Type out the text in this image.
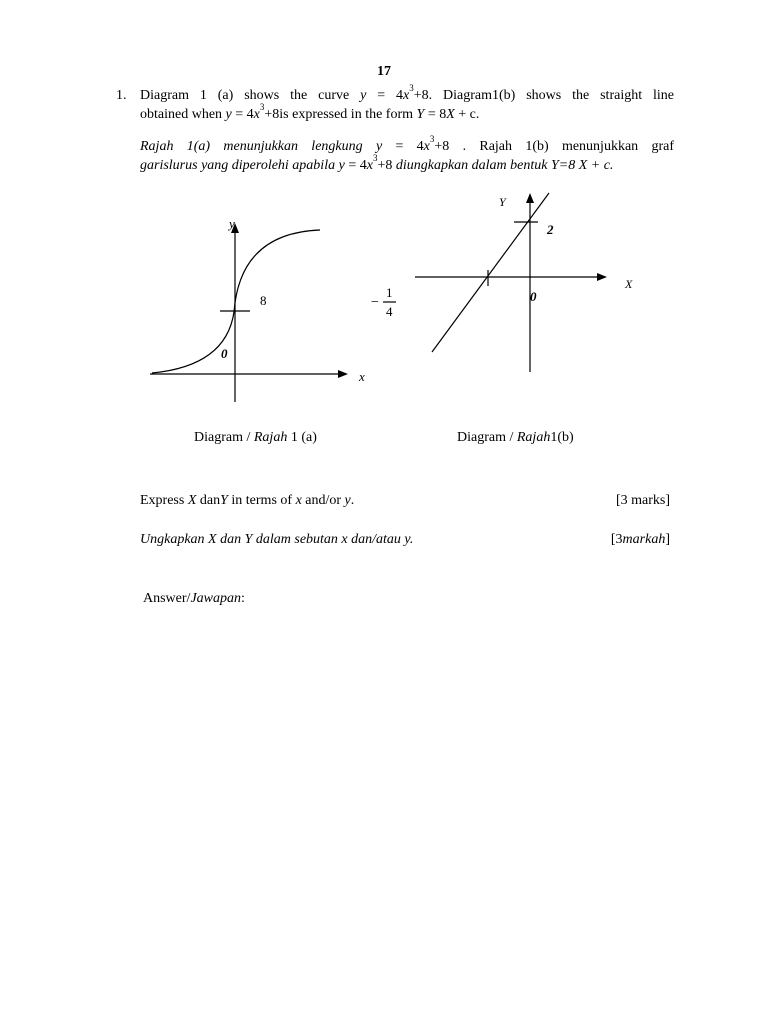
17
1. Diagram 1 (a) shows the curve $y = 4x^3+8$. Diagram1(b) shows the straight line
obtained when $y = 4x^3+8is$ expressed in the form Y = 8X + c.
Rajah 1(a) menunjukkan lengkung $y = 4x^3+8$ . Rajah 1(b) menunjukkan graf
garislurus yang diperolehi apabila $y = 4x^3+8$ diungkapkan dalam bentuk Y=8 X + c.
y
x
8
0
Y
X
2
0
−
1
4
Diagram / Rajah 1 (a)	Diagram / Rajah1(b)
Express X danY in terms of x and/or y.	[3 marks]
Ungkapkan X dan Y dalam sebutan x dan/atau y.	[3markah]
Answer/Jawapan:
